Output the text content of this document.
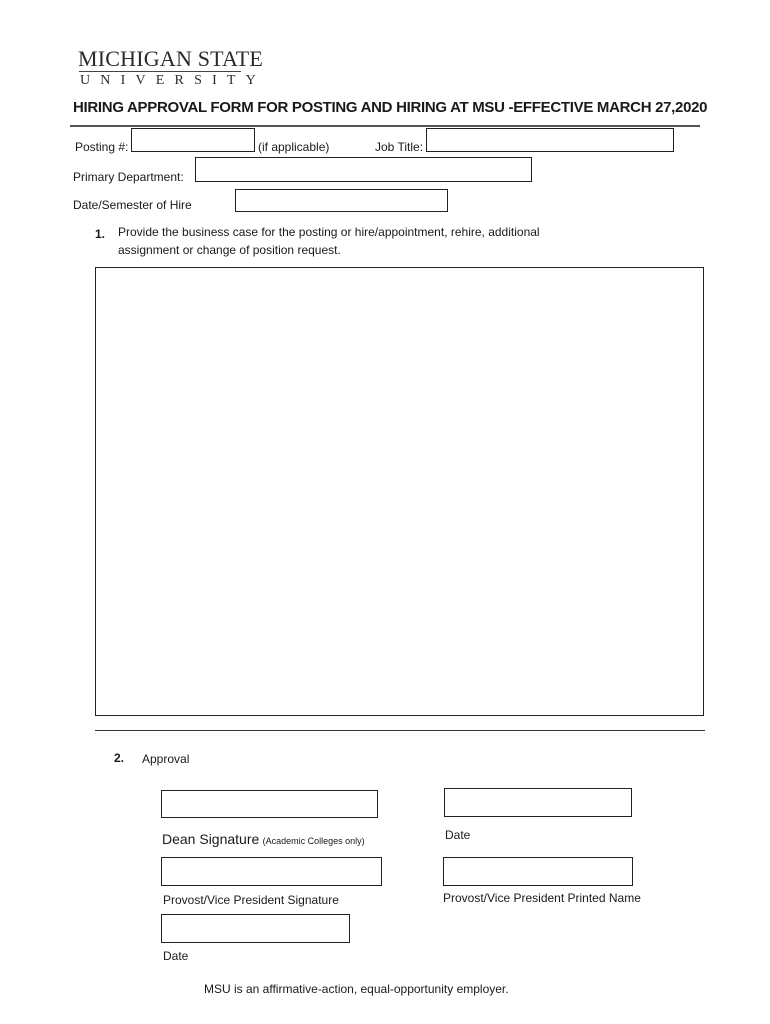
MICHIGAN STATE
UNIVERSITY
HIRING APPROVAL FORM FOR POSTING AND HIRING AT MSU -EFFECTIVE MARCH 27,2020
Posting #:	(if applicable)	Job Title:
Primary Department:
Date/Semester of Hire
1. Provide the business case for the posting or hire/appointment, rehire, additional
assignment or change of position request.
2. Approval
Dean Signature (Academic Colleges only)	Date
Provost/Vice President Signature	Provost/Vice President Printed Name
Date
MSU is an affirmative-action, equal-opportunity employer.
